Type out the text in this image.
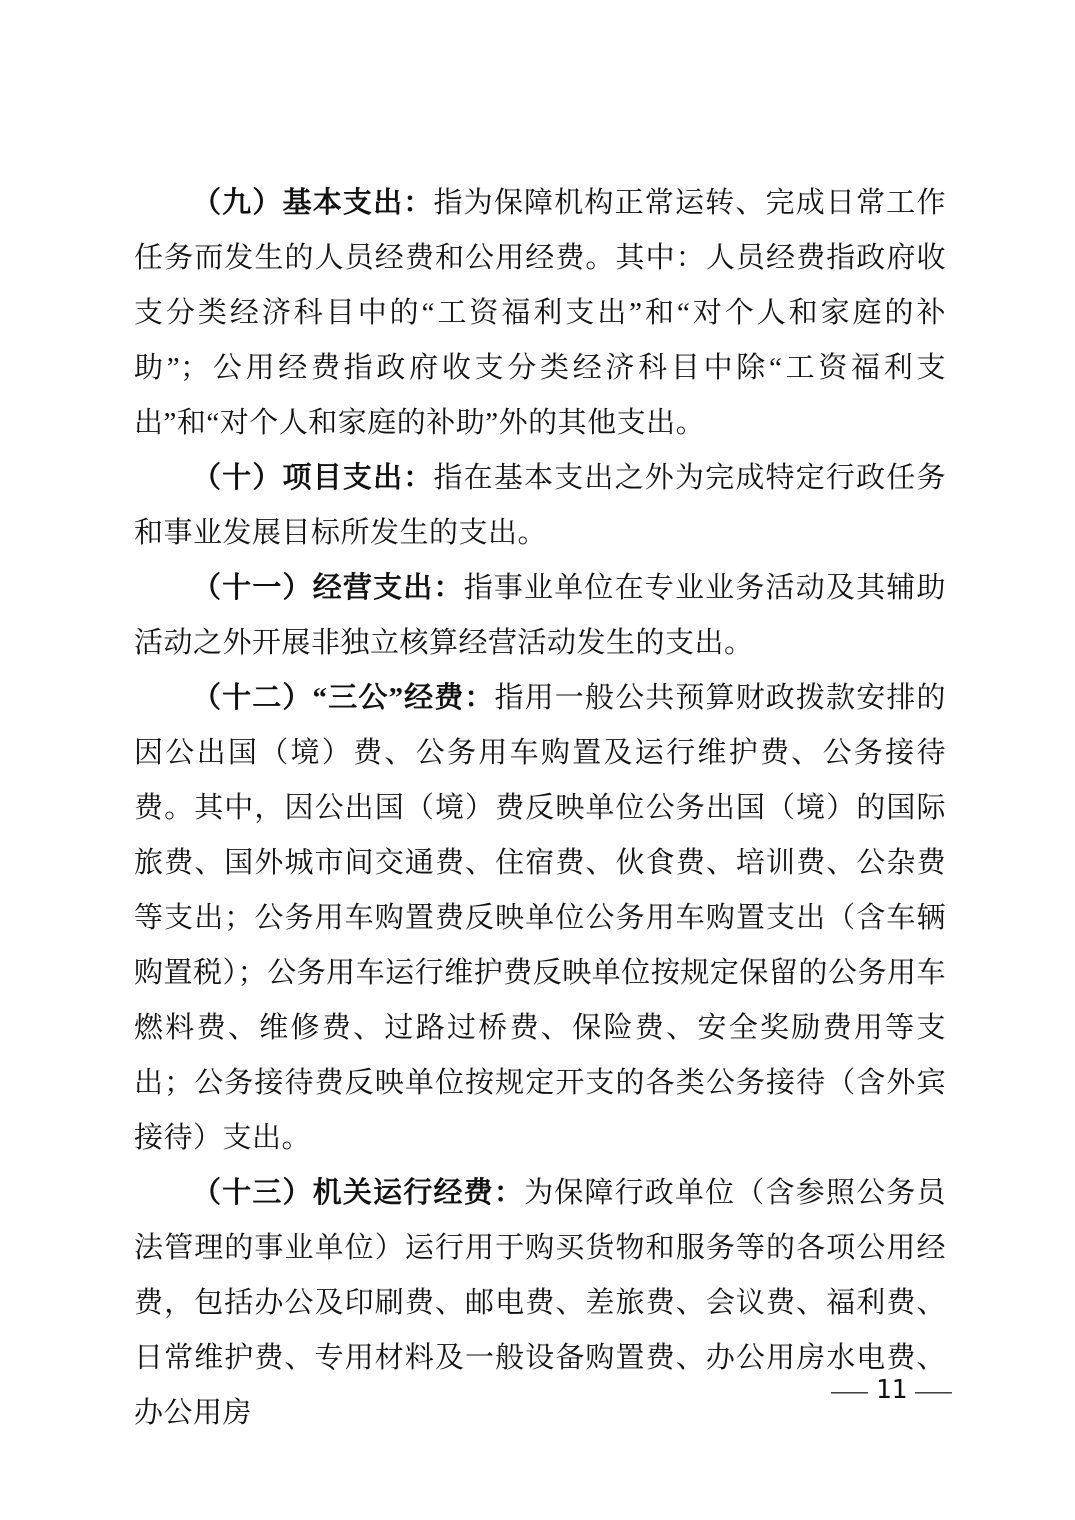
（九）基本支出：指为保障机构正常运转、完成日常工作任务而发生的人员经费和公用经费。其中：人员经费指政府收支分类经济科目中的“工资福利支出”和“对个人和家庭的补助”；公用经费指政府收支分类经济科目中除“工资福利支出”和“对个人和家庭的补助”外的其他支出。

（十）项目支出：指在基本支出之外为完成特定行政任务和事业发展目标所发生的支出。

（十一）经营支出：指事业单位在专业业务活动及其辅助活动之外开展非独立核算经营活动发生的支出。

（十二）“三公”经费：指用一般公共预算财政拨款安排的因公出国（境）费、公务用车购置及运行维护费、公务接待费。其中，因公出国（境）费反映单位公务出国（境）的国际旅费、国外城市间交通费、住宿费、伙食费、培训费、公杂费等支出；公务用车购置费反映单位公务用车购置支出（含车辆购置税）；公务用车运行维护费反映单位按规定保留的公务用车燃料费、维修费、过路过桥费、保险费、安全奖励费用等支出；公务接待费反映单位按规定开支的各类公务接待（含外宾接待）支出。

（十三）机关运行经费：为保障行政单位（含参照公务员法管理的事业单位）运行用于购买货物和服务等的各项公用经费，包括办公及印刷费、邮电费、差旅费、会议费、福利费、日常维护费、专用材料及一般设备购置费、办公用房水电费、办公用房

— 11 —
